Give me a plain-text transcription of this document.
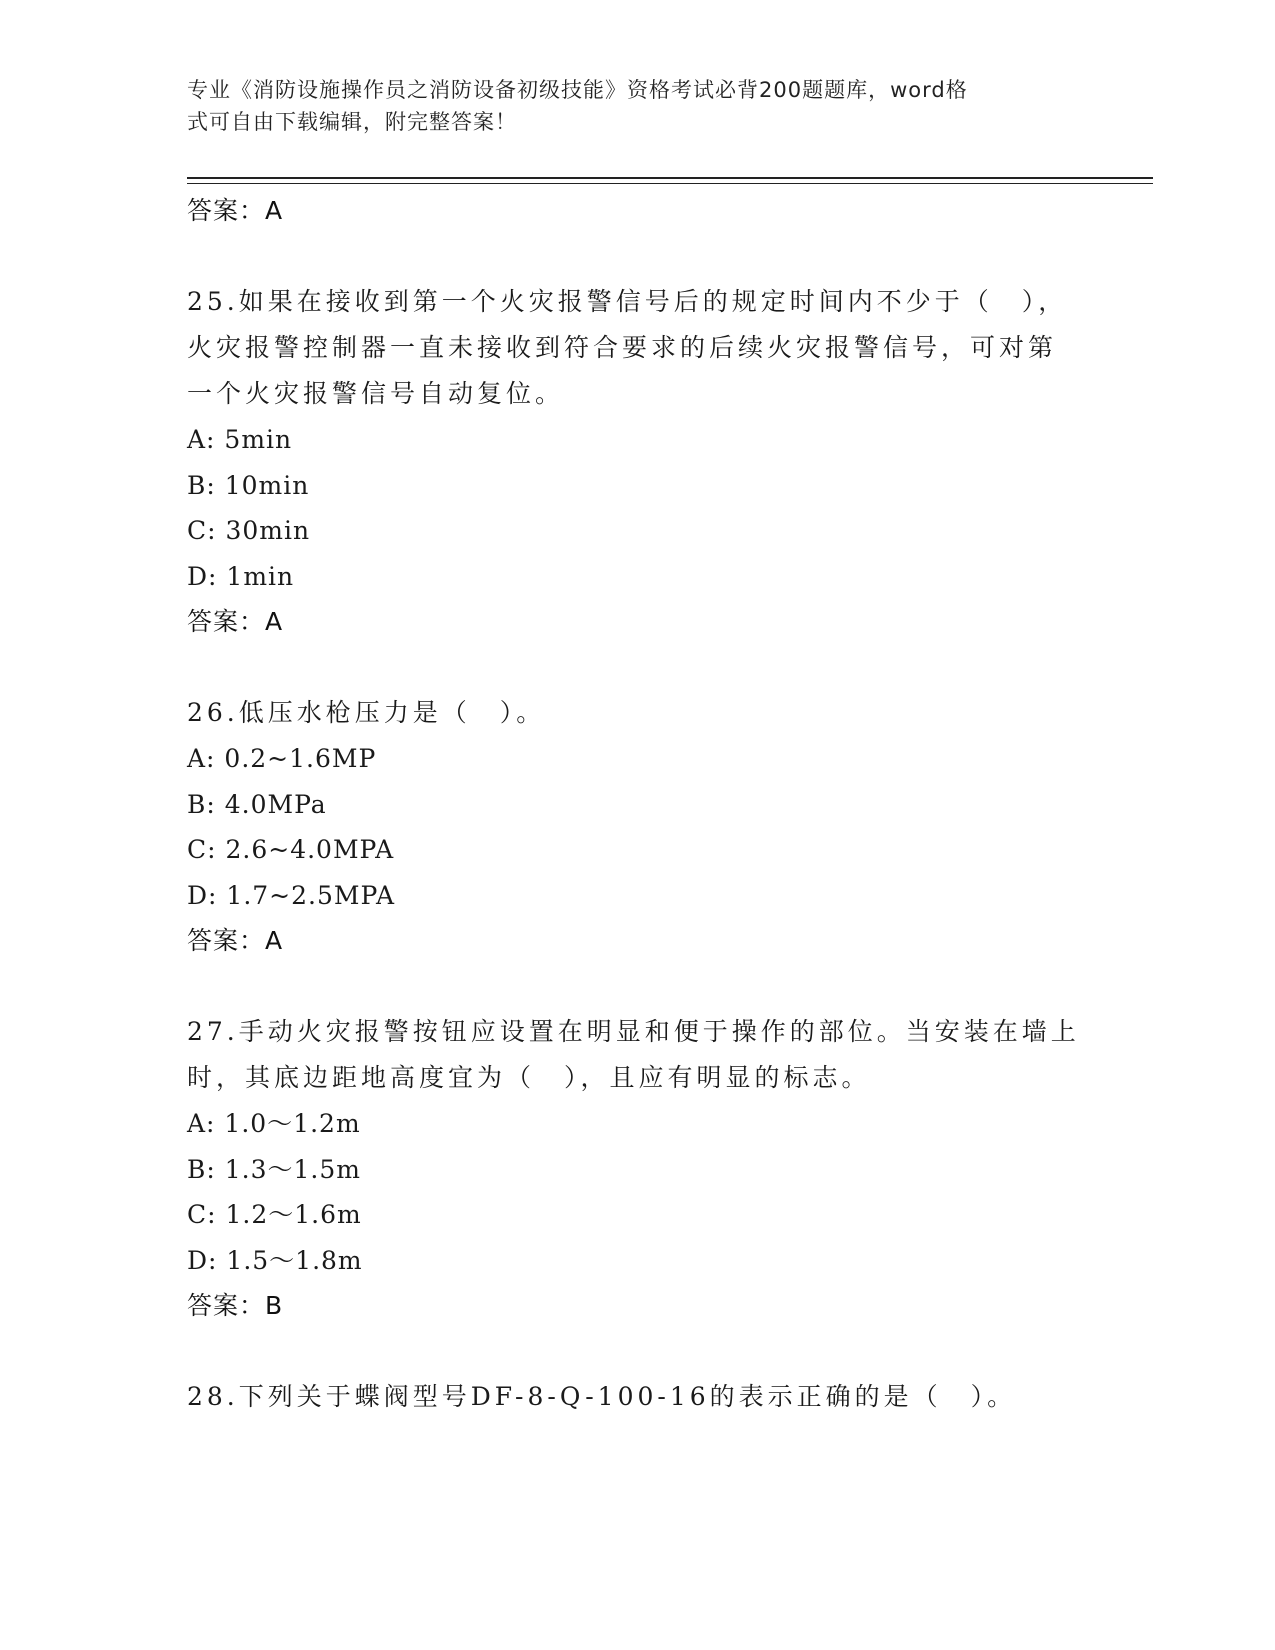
专业《消防设施操作员之消防设备初级技能》资格考试必背200题题库，word格
式可自由下载编辑，附完整答案！

答案：A

25.如果在接收到第一个火灾报警信号后的规定时间内不少于（　），

火灾报警控制器一直未接收到符合要求的后续火灾报警信号，可对第

一个火灾报警信号自动复位。

A: 5min

B: 10min

C: 30min

D: 1min

答案：A

26.低压水枪压力是（　）。

A: 0.2~1.6MP

B: 4.0MPa

C: 2.6~4.0MPA

D: 1.7~2.5MPA

答案：A

27.手动火灾报警按钮应设置在明显和便于操作的部位。当安装在墙上

时，其底边距地高度宜为（　），且应有明显的标志。

A: 1.0～1.2m

B: 1.3～1.5m

C: 1.2～1.6m

D: 1.5～1.8m

答案：B

28.下列关于蝶阀型号DF-8-Q-100-16的表示正确的是（　）。
